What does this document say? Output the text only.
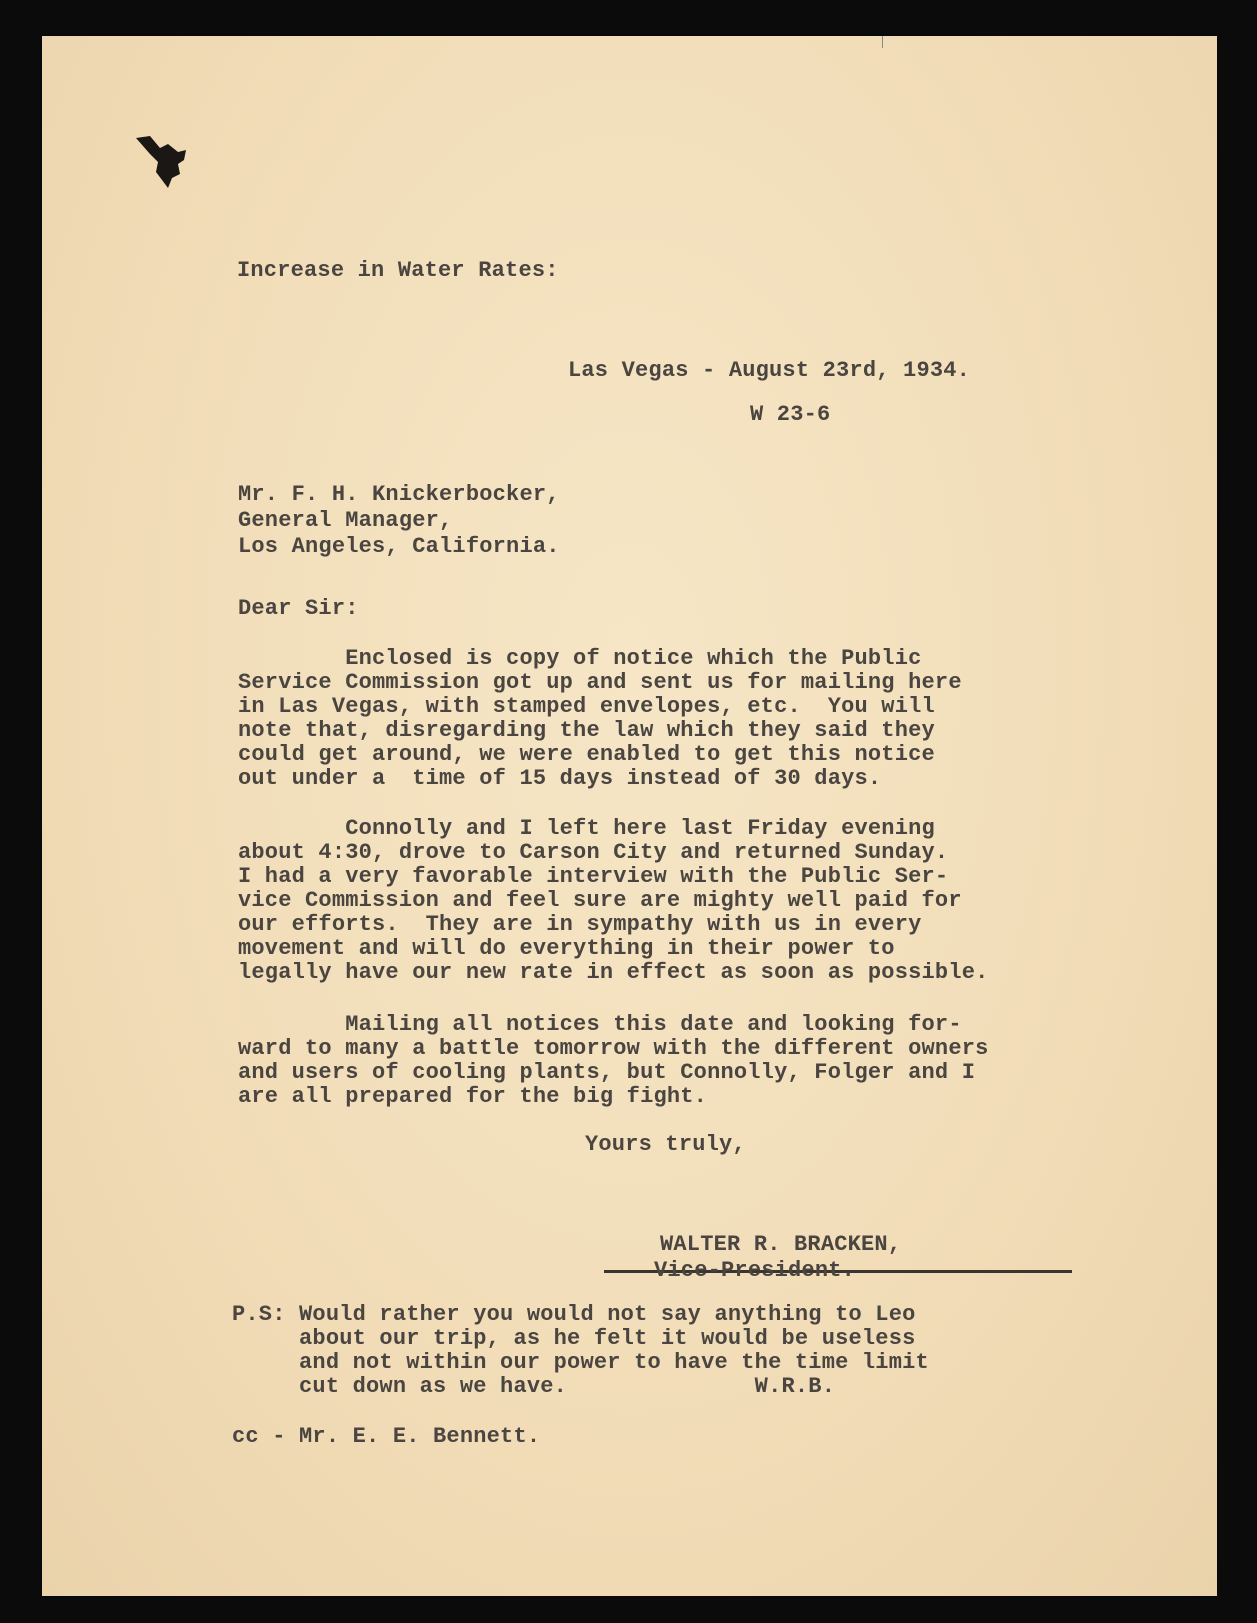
Increase in Water Rates:

Las Vegas - August 23rd, 1934.

W 23-6

Mr. F. H. Knickerbocker,

General Manager,

Los Angeles, California.

Dear Sir:

Enclosed is copy of notice which the Public

Service Commission got up and sent us for mailing here

in Las Vegas, with stamped envelopes, etc.  You will

note that, disregarding the law which they said they

could get around, we were enabled to get this notice

out under a  time of 15 days instead of 30 days.

Connolly and I left here last Friday evening

about 4:30, drove to Carson City and returned Sunday.

I had a very favorable interview with the Public Ser-

vice Commission and feel sure are mighty well paid for

our efforts.  They are in sympathy with us in every

movement and will do everything in their power to

legally have our new rate in effect as soon as possible.

Mailing all notices this date and looking for-

ward to many a battle tomorrow with the different owners

and users of cooling plants, but Connolly, Folger and I

are all prepared for the big fight.

Yours truly,

WALTER R. BRACKEN,

Vice-President.

P.S: Would rather you would not say anything to Leo

about our trip, as he felt it would be useless

and not within our power to have the time limit

cut down as we have.              W.R.B.

cc - Mr. E. E. Bennett.
